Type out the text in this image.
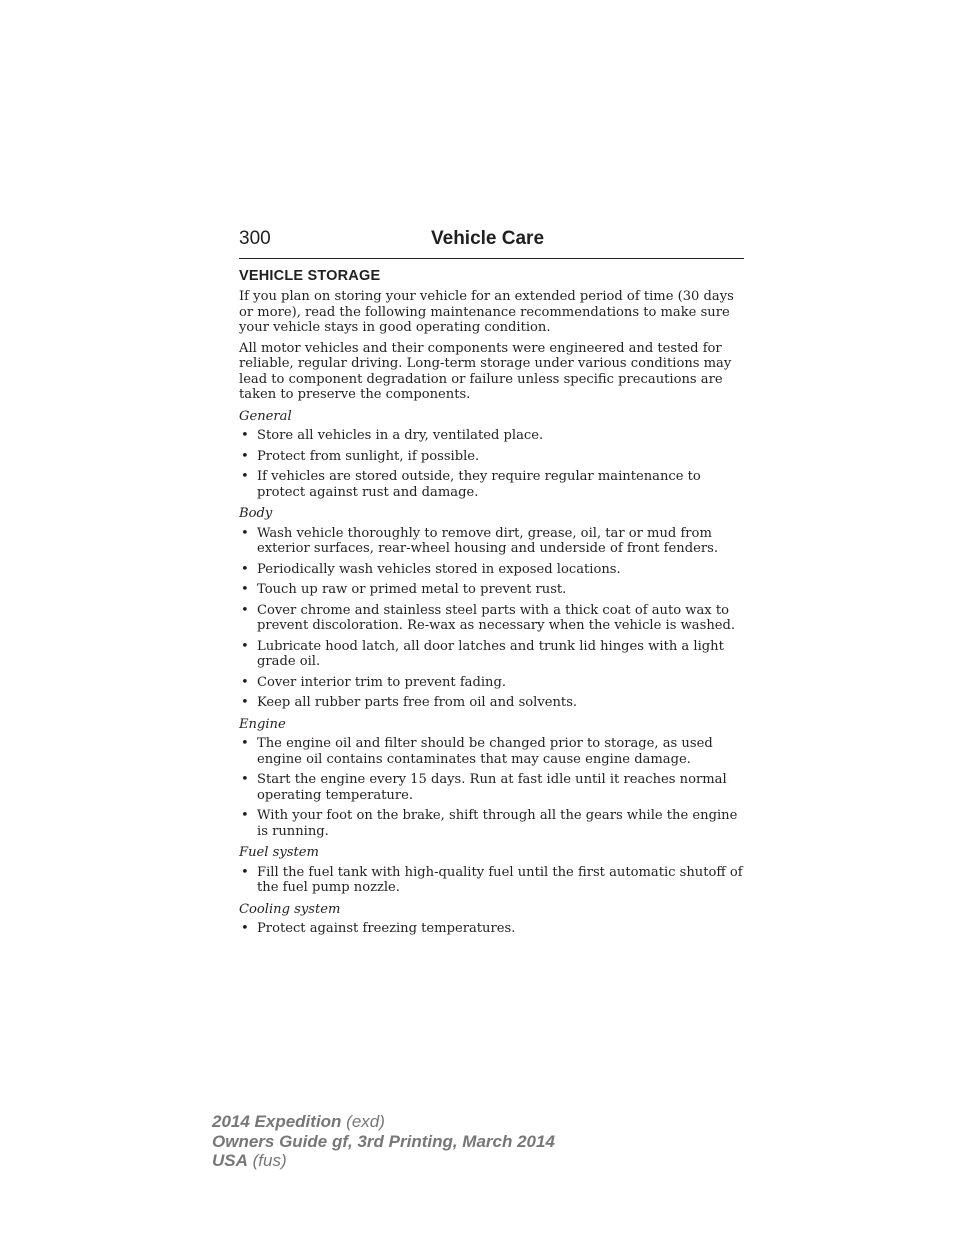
300	Vehicle Care
VEHICLE STORAGE

If you plan on storing your vehicle for an extended period of time (30 days or more), read the following maintenance recommendations to make sure your vehicle stays in good operating condition.

All motor vehicles and their components were engineered and tested for reliable, regular driving. Long-term storage under various conditions may lead to component degradation or failure unless specific precautions are taken to preserve the components.

General
• Store all vehicles in a dry, ventilated place.
• Protect from sunlight, if possible.
• If vehicles are stored outside, they require regular maintenance to protect against rust and damage.
Body
• Wash vehicle thoroughly to remove dirt, grease, oil, tar or mud from exterior surfaces, rear-wheel housing and underside of front fenders.
• Periodically wash vehicles stored in exposed locations.
• Touch up raw or primed metal to prevent rust.
• Cover chrome and stainless steel parts with a thick coat of auto wax to prevent discoloration. Re-wax as necessary when the vehicle is washed.
• Lubricate hood latch, all door latches and trunk lid hinges with a light grade oil.
• Cover interior trim to prevent fading.
• Keep all rubber parts free from oil and solvents.
Engine
• The engine oil and filter should be changed prior to storage, as used engine oil contains contaminates that may cause engine damage.
• Start the engine every 15 days. Run at fast idle until it reaches normal operating temperature.
• With your foot on the brake, shift through all the gears while the engine is running.
Fuel system
• Fill the fuel tank with high-quality fuel until the first automatic shutoff of the fuel pump nozzle.
Cooling system
• Protect against freezing temperatures.
2014 Expedition (exd)
Owners Guide gf, 3rd Printing, March 2014
USA (fus)
